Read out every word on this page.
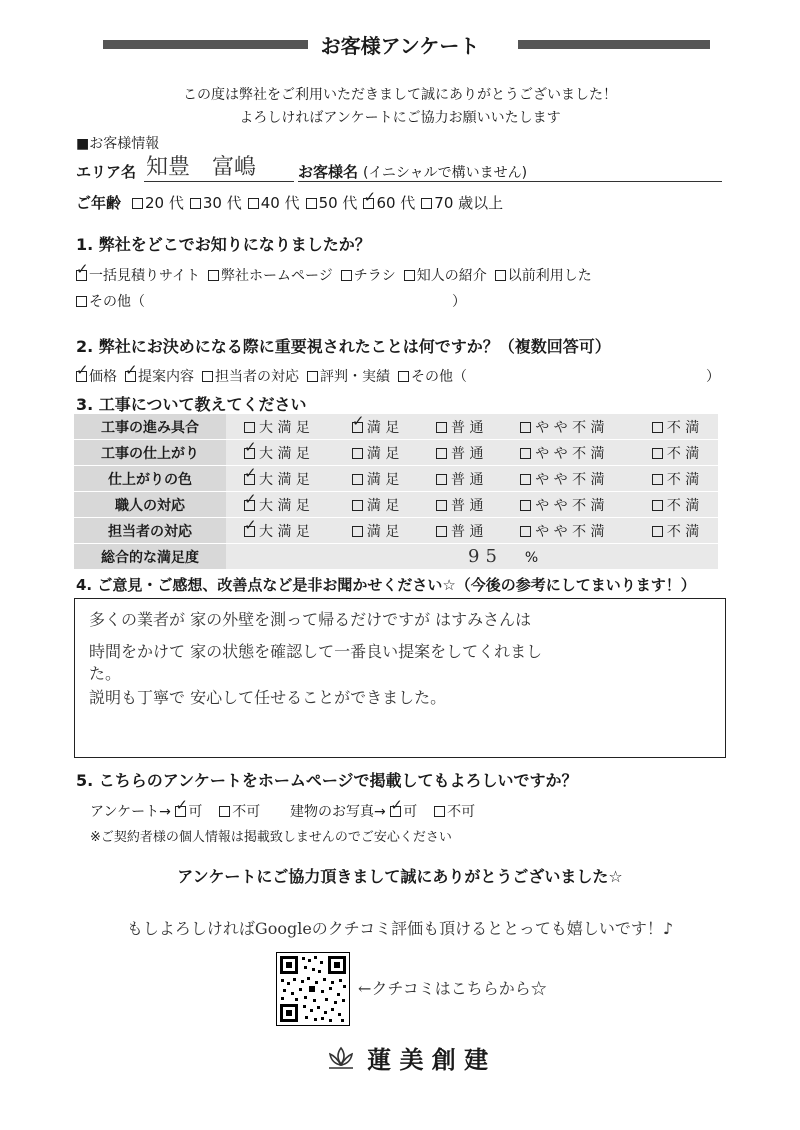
お客様アンケート
この度は弊社をご利用いただきまして誠にありがとうございました！
よろしければアンケートにご協力お願いいたします
■お客様情報
エリア名 知豊　富嶋	お客様名 (イニシャルで構いません)
ご年齢	20 代 30 代 40 代 50 代 ✓ 60 代 70 歳以上
1. 弊社をどこでお知りになりましたか？
✓一括見積りサイト 弊社ホームページ チラシ 知人の紹介 以前利用した
その他（	）
2. 弊社にお決めになる際に重要視されたことは何ですか？（複数回答可）
✓価格 ✓ 提案内容 担当者の対応 評判・実績 その他（	）
3. 工事について教えてください
工事の進み具合	大 満 足	✓満 足	普 通	や や 不 満	不 満
工事の仕上がり	✓大 満 足	満 足	普 通	や や 不 満	不 満
仕上がりの色	✓大 満 足	満 足	普 通	や や 不 満	不 満
職人の対応	✓大 満 足	満 足	普 通	や や 不 満	不 満
担当者の対応	✓大 満 足	満 足	普 通	や や 不 満	不 満
総合的な満足度	95 %				
4. ご意見・ご感想、改善点など是非お聞かせください☆（今後の参考にしてまいります！）
多くの業者が 家の外壁を測って帰るだけですが はすみさんは
時間をかけて 家の状態を確認して一番良い提案をしてくれまし
た。
説明も丁寧で 安心して任せることができました。
5. こちらのアンケートをホームページで掲載してもよろしいですか？
アンケート→ ✓ 可 不可 建物のお写真→ ✓ 可 不可
※ご契約者様の個人情報は掲載致しませんのでご安心ください
アンケートにご協力頂きまして誠にありがとうございました☆
もしよろしければGoogleのクチコミ評価も頂けるととっても嬉しいです！♪
←クチコミはこちらから☆
蓮 美 創 建
